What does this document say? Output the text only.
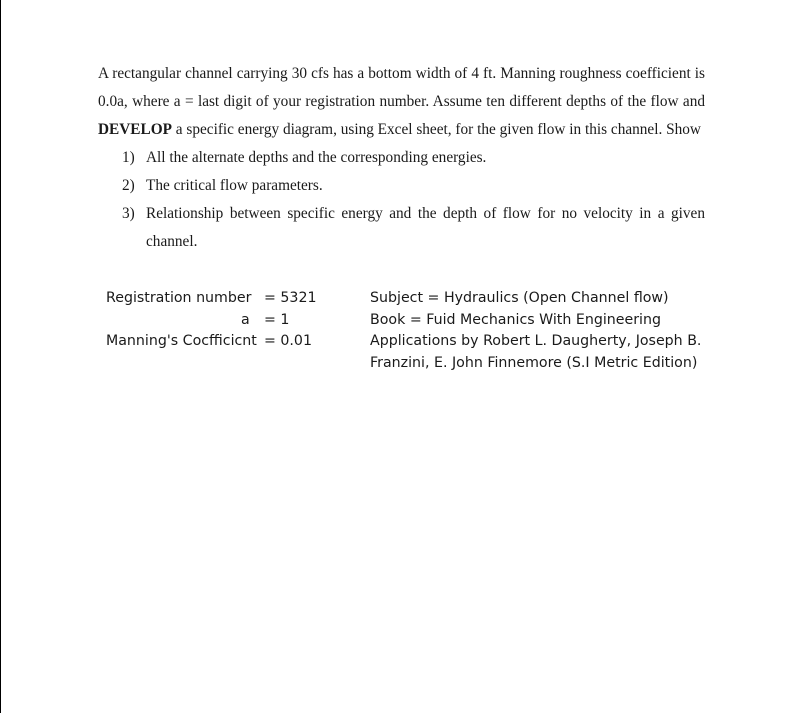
A rectangular channel carrying 30 cfs has a bottom width of 4 ft. Manning roughness coefficient is 0.0a, where a = last digit of your registration number. Assume ten different depths of the flow and DEVELOP a specific energy diagram, using Excel sheet, for the given flow in this channel. Show

1) All the alternate depths and the corresponding energies.
2) The critical flow parameters.
3) Relationship between specific energy and the depth of flow for no velocity in a given channel.
Registration number = 5321
a = 1
Manning's Cocfficicnt = 0.01

Subject = Hydraulics (Open Channel flow)

Book = Fuid Mechanics With Engineering Applications by Robert L. Daugherty, Joseph B. Franzini, E. John Finnemore (S.I Metric Edition)
